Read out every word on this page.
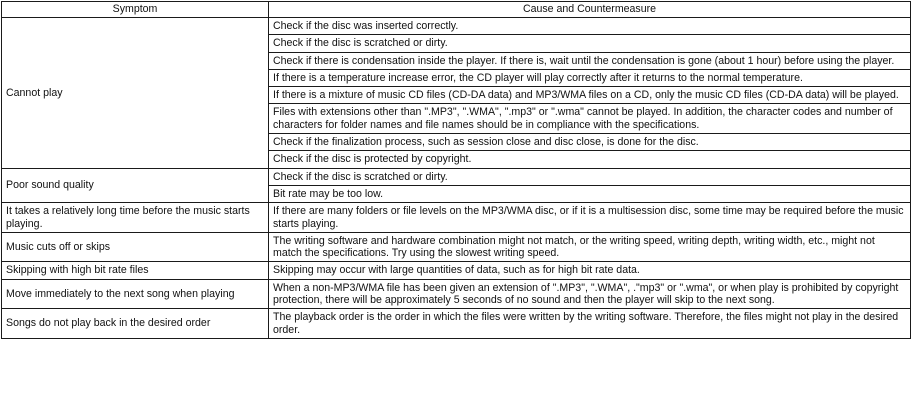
Symptom	Cause and Countermeasure
Cannot play	Check if the disc was inserted correctly.
	Check if the disc is scratched or dirty.
	Check if there is condensation inside the player. If there is, wait until the condensation is gone (about 1 hour) before using the player.
	If there is a temperature increase error, the CD player will play correctly after it returns to the normal temperature.
	If there is a mixture of music CD files (CD-DA data) and MP3/WMA files on a CD, only the music CD files (CD-DA data) will be played.
	Files with extensions other than ".MP3", ".WMA", ".mp3" or ".wma" cannot be played. In addition, the character codes and number of characters for folder names and file names should be in compliance with the specifications.
	Check if the finalization process, such as session close and disc close, is done for the disc.
	Check if the disc is protected by copyright.
Poor sound quality	Check if the disc is scratched or dirty.
	Bit rate may be too low.
It takes a relatively long time before the music starts playing.	If there are many folders or file levels on the MP3/WMA disc, or if it is a multisession disc, some time may be required before the music starts playing.
Music cuts off or skips	The writing software and hardware combination might not match, or the writing speed, writing depth, writing width, etc., might not match the specifications. Try using the slowest writing speed.
Skipping with high bit rate files	Skipping may occur with large quantities of data, such as for high bit rate data.
Move immediately to the next song when playing	When a non-MP3/WMA file has been given an extension of ".MP3", ".WMA", ."mp3" or ".wma", or when play is prohibited by copyright protection, there will be approximately 5 seconds of no sound and then the player will skip to the next song.
Songs do not play back in the desired order	The playback order is the order in which the files were written by the writing software. Therefore, the files might not play in the desired order.
